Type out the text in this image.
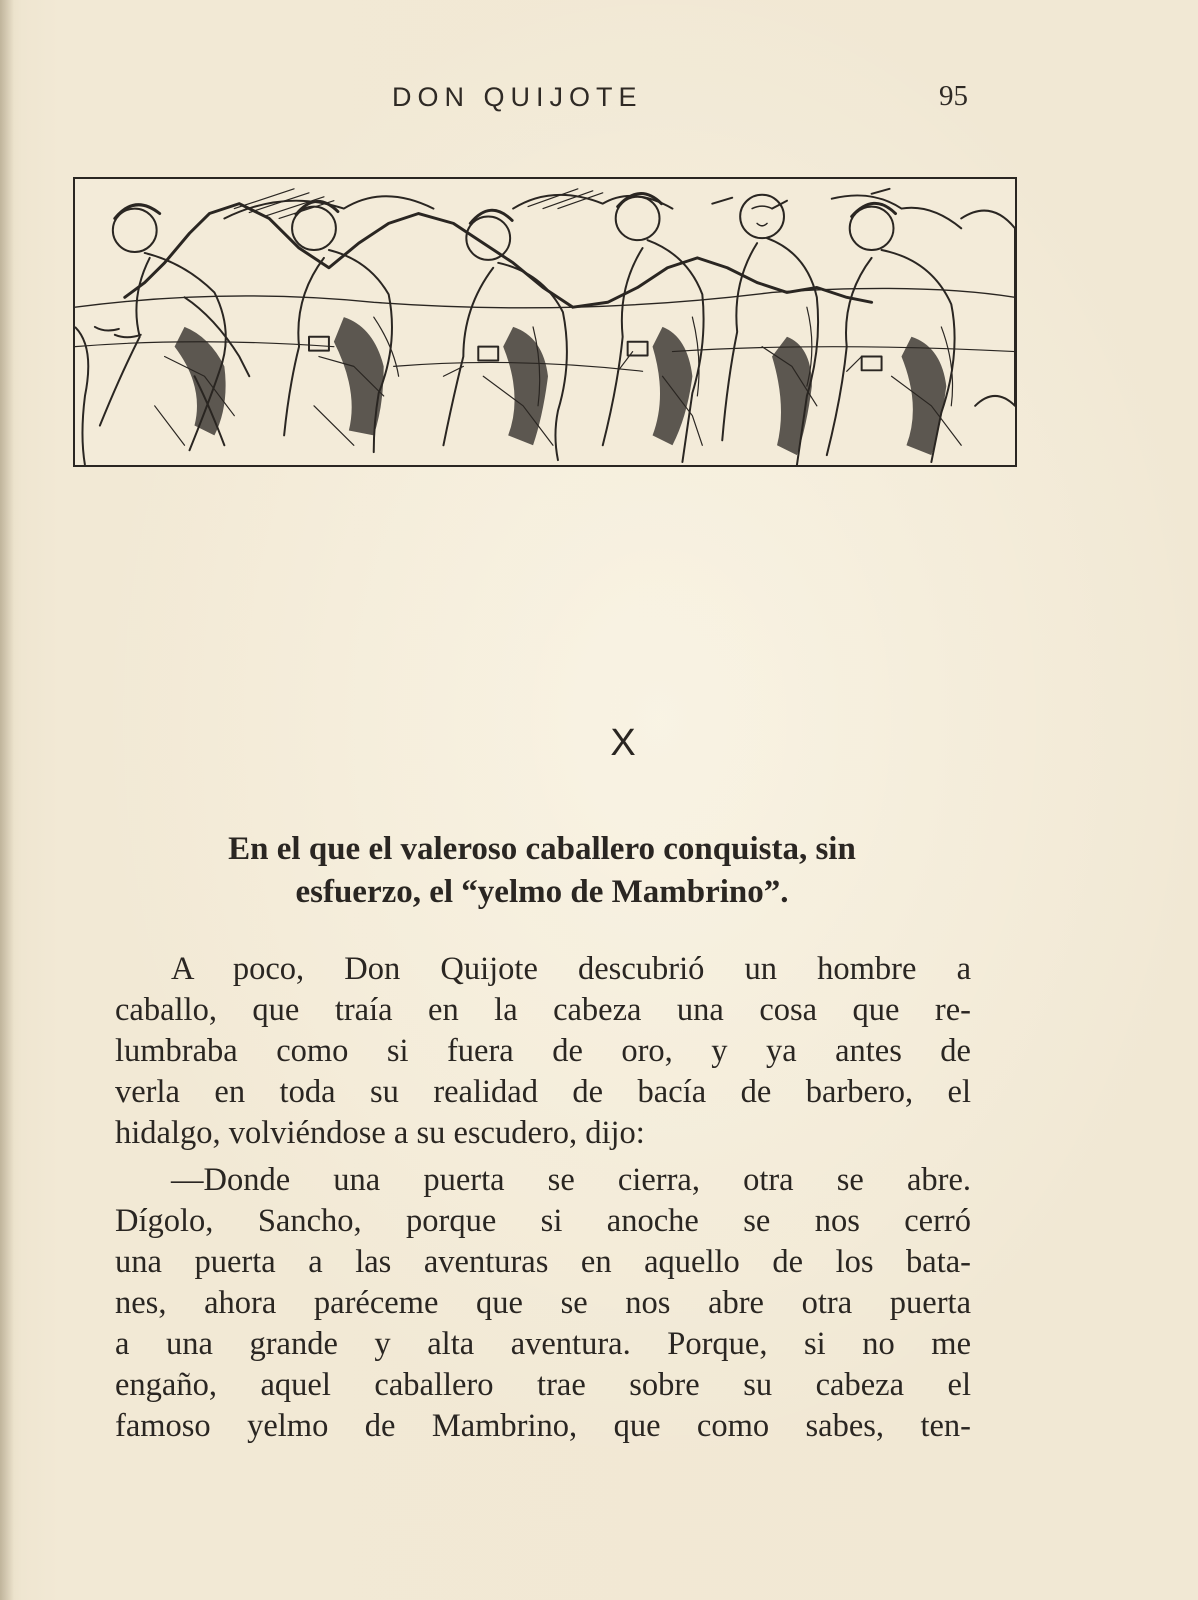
DON QUIJOTE	95
X
En el que el valeroso caballero conquista, sin
esfuerzo, el “yelmo de Mambrino”.
A poco, Don Quijote descubrió un hombre a
caballo, que traía en la cabeza una cosa que re-
lumbraba como si fuera de oro, y ya antes de
verla en toda su realidad de bacía de barbero, el
hidalgo, volviéndose a su escudero, dijo:
—Donde una puerta se cierra, otra se abre.
Dígolo, Sancho, porque si anoche se nos cerró
una puerta a las aventuras en aquello de los bata-
nes, ahora paréceme que se nos abre otra puerta
a una grande y alta aventura. Porque, si no me
engaño, aquel caballero trae sobre su cabeza el
famoso yelmo de Mambrino, que como sabes, ten-
